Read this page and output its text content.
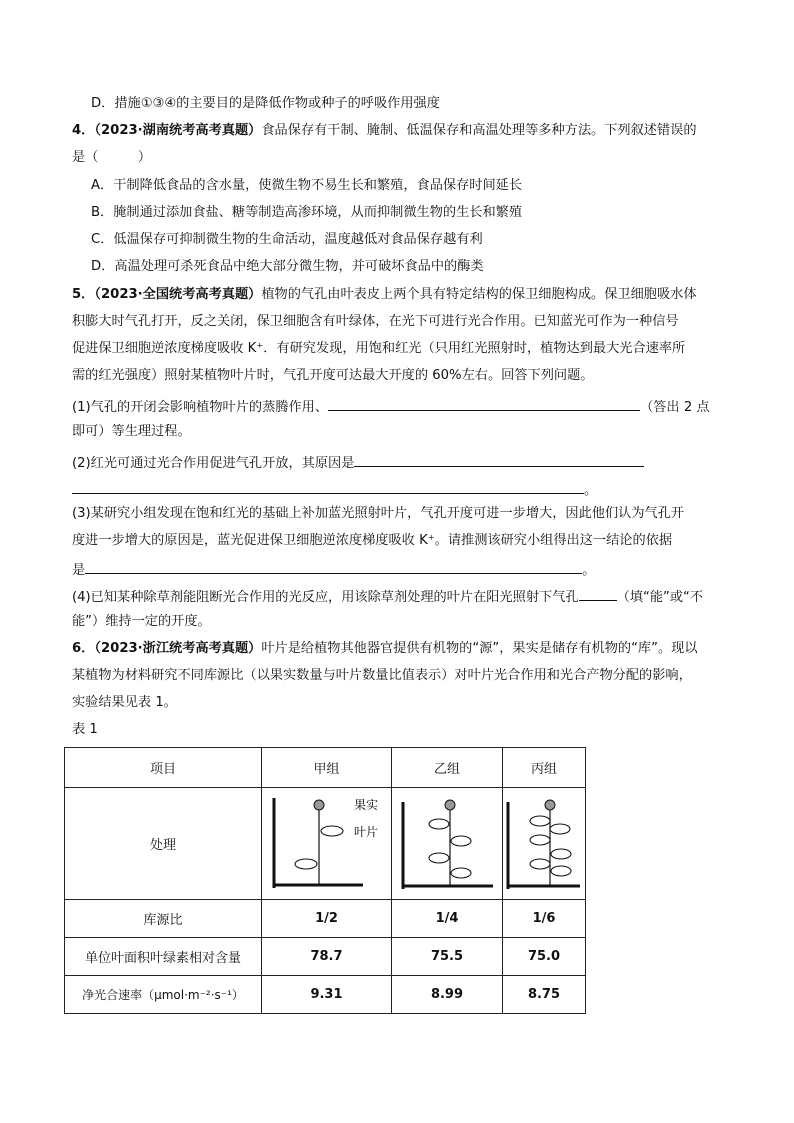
D．措施①③④的主要目的是降低作物或种子的呼吸作用强度
4．（2023·湖南统考高考真题）食品保存有干制、腌制、低温保存和高温处理等多种方法。下列叙述错误的
是（　　　）
A．干制降低食品的含水量，使微生物不易生长和繁殖，食品保存时间延长
B．腌制通过添加食盐、糖等制造高渗环境，从而抑制微生物的生长和繁殖
C．低温保存可抑制微生物的生命活动，温度越低对食品保存越有利
D．高温处理可杀死食品中绝大部分微生物，并可破坏食品中的酶类
5．（2023·全国统考高考真题）植物的气孔由叶表皮上两个具有特定结构的保卫细胞构成。保卫细胞吸水体
积膨大时气孔打开，反之关闭，保卫细胞含有叶绿体，在光下可进行光合作用。已知蓝光可作为一种信号
促进保卫细胞逆浓度梯度吸收 K⁺．有研究发现，用饱和红光（只用红光照射时，植物达到最大光合速率所
需的红光强度）照射某植物叶片时，气孔开度可达最大开度的 60%左右。回答下列问题。
(1)气孔的开闭会影响植物叶片的蒸腾作用、	（答出 2 点
即可）等生理过程。
(2)红光可通过光合作用促进气孔开放，其原因是
。
(3)某研究小组发现在饱和红光的基础上补加蓝光照射叶片，气孔开度可进一步增大，因此他们认为气孔开
度进一步增大的原因是，蓝光促进保卫细胞逆浓度梯度吸收 K⁺。请推测该研究小组得出这一结论的依据
是	。
(4)已知某种除草剂能阻断光合作用的光反应，用该除草剂处理的叶片在阳光照射下气孔	（填“能”或“不
能”）维持一定的开度。
6．（2023·浙江统考高考真题）叶片是给植物其他器官提供有机物的“源”，果实是储存有机物的“库”。现以
某植物为材料研究不同库源比（以果实数量与叶片数量比值表示）对叶片光合作用和光合产物分配的影响，
实验结果见表 1。
表 1
项目	甲组	乙组	丙组
处理	果实
叶片

库源比	1/2	1/4	1/6
单位叶面积叶绿素相对含量	78.7	75.5	75.0
净光合速率（μmol·m⁻²·s⁻¹）	9.31	8.99	8.75
